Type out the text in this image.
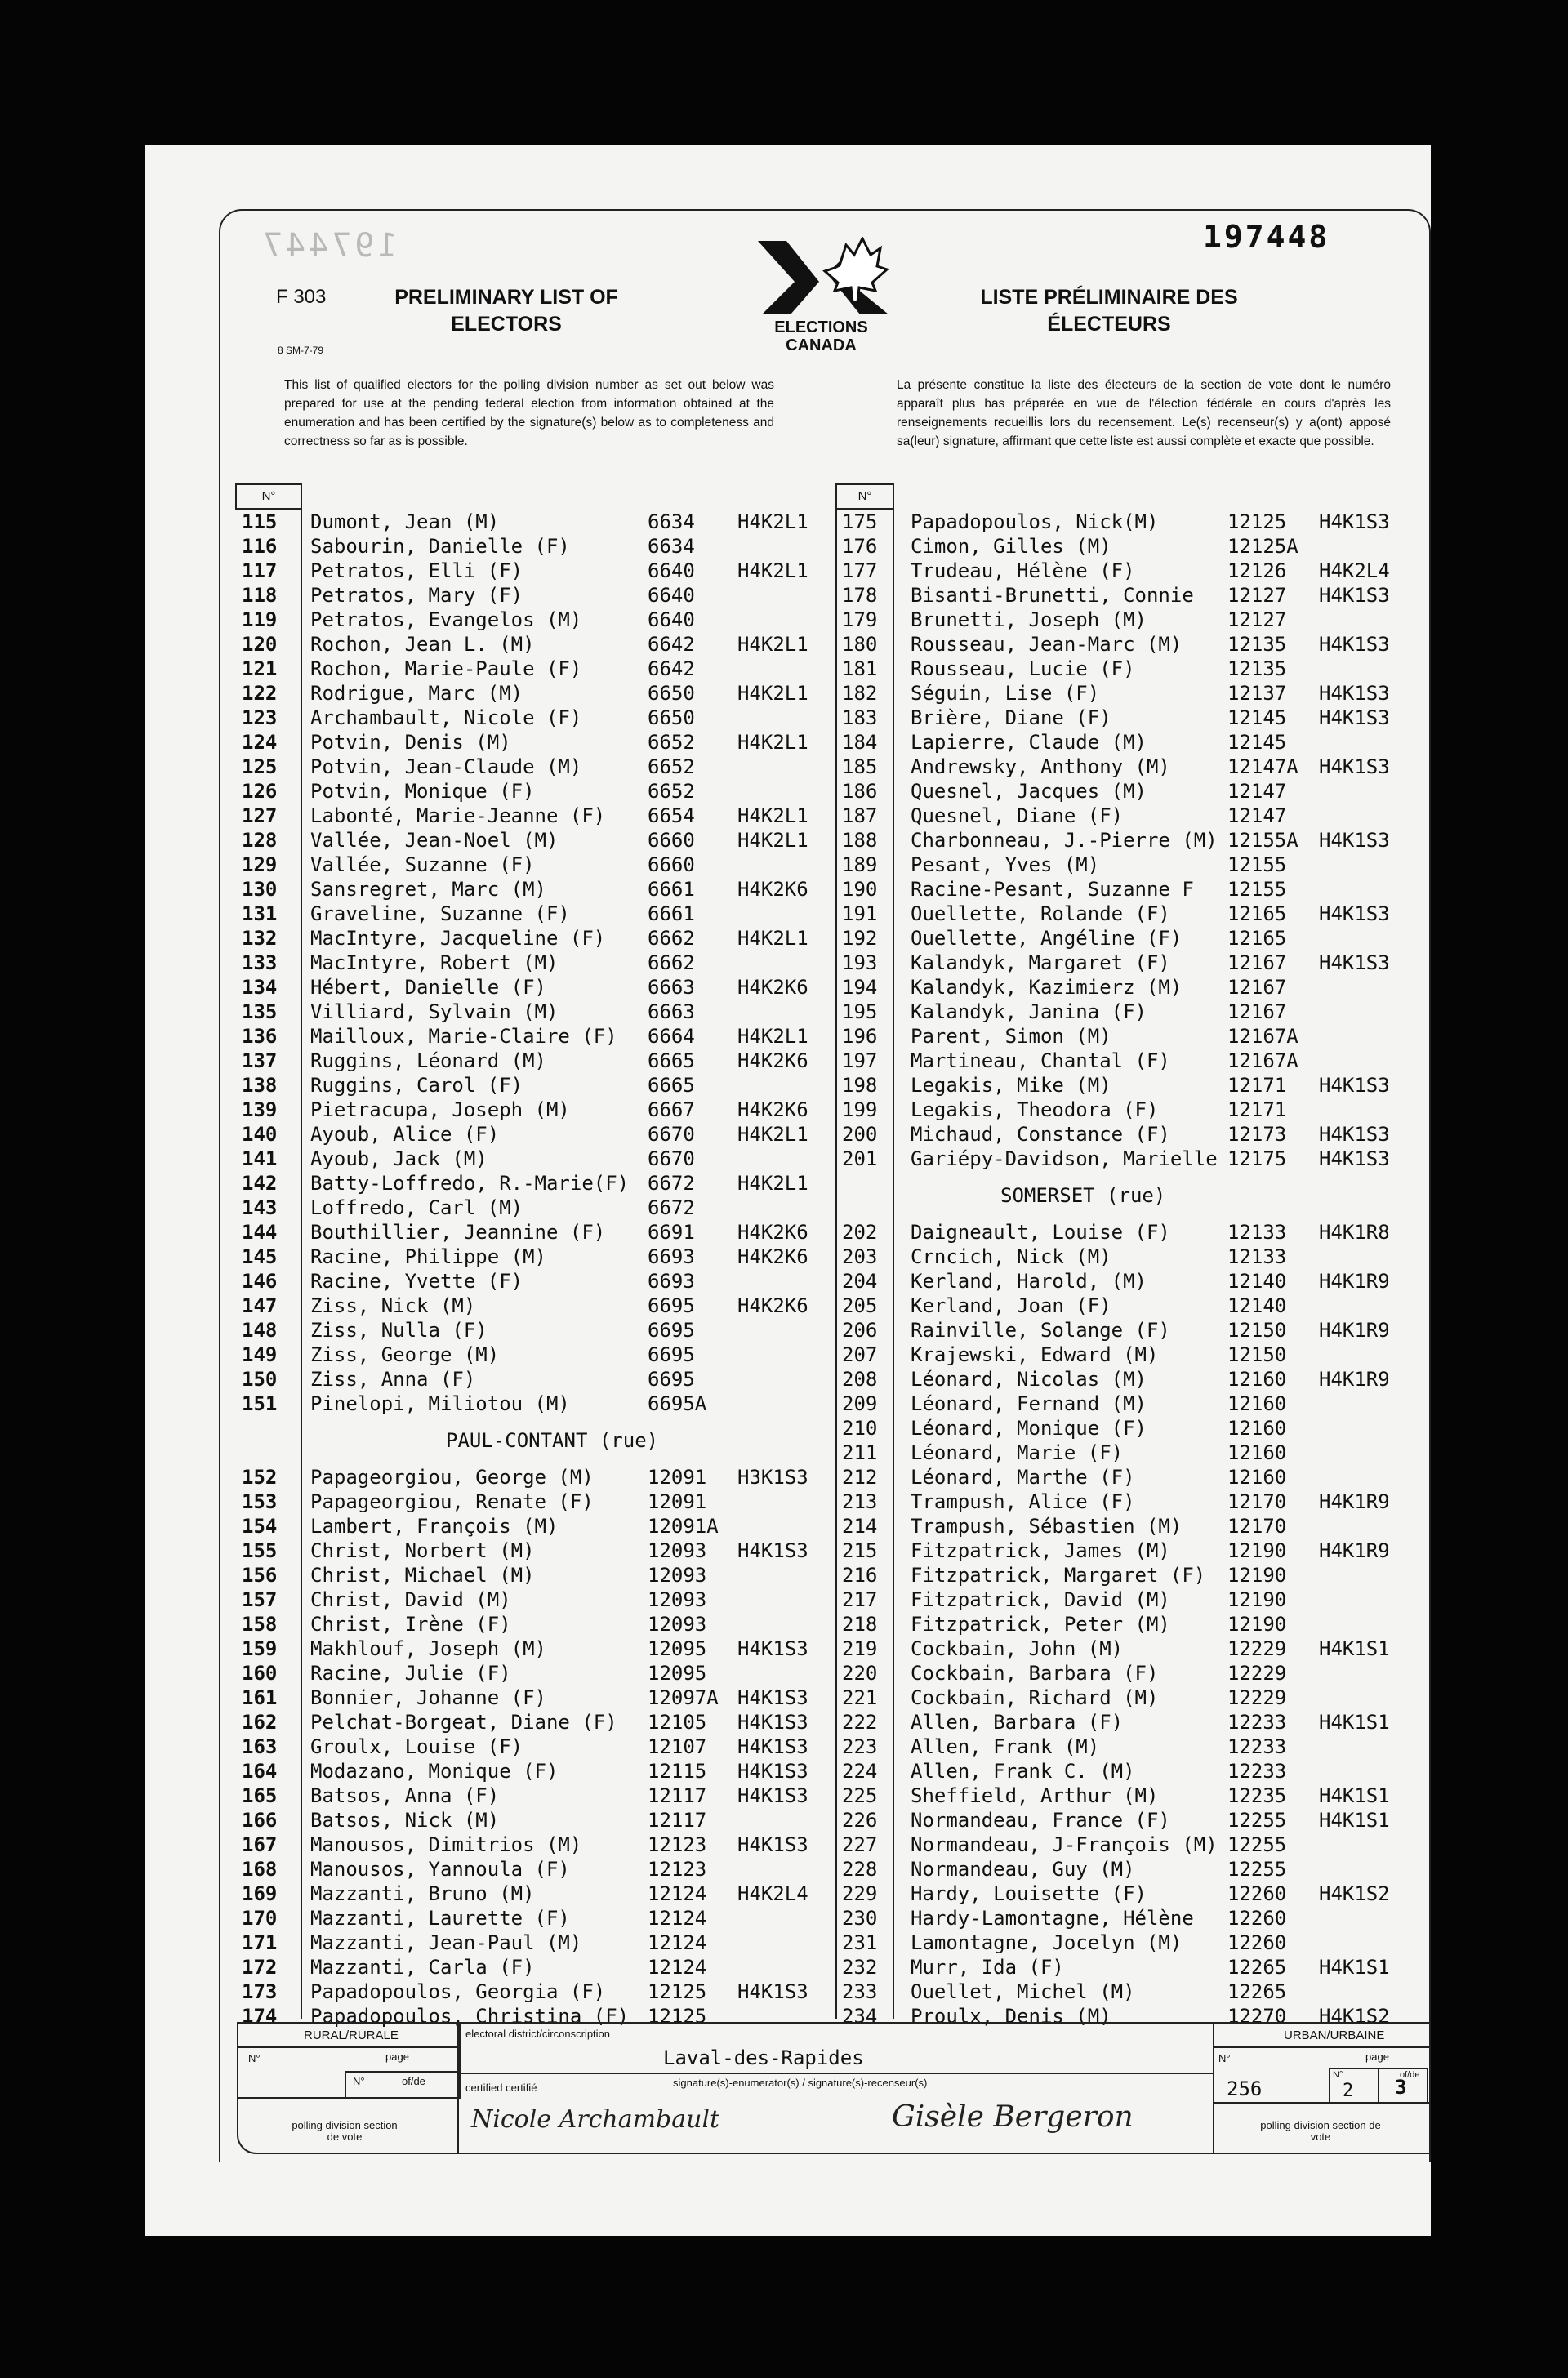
197447	197448
F 303
8 SM-7-79
PRELIMINARY LIST OF ELECTORS
LISTE PRÉLIMINAIRE DES ÉLECTEURS
ELECTIONS CANADA
This list of qualified electors for the polling division number as set out below was prepared for use at the pending federal election from information obtained at the enumeration and has been certified by the signature(s) below as to completeness and correctness so far as is possible.
La présente constitue la liste des électeurs de la section de vote dont le numéro apparaît plus bas préparée en vue de l'élection fédérale en cours d'après les renseignements recueillis lors du recensement. Le(s) recenseur(s) y a(ont) apposé sa(leur) signature, affirmant que cette liste est aussi complète et exacte que possible.
N°
115	Dumont, Jean (M)	6634 H4K2L1
116	Sabourin, Danielle (F)	6634
117	Petratos, Elli (F)	6640 H4K2L1
118	Petratos, Mary (F)	6640
119	Petratos, Evangelos (M)	6640
120	Rochon, Jean L. (M)	6642 H4K2L1
121	Rochon, Marie-Paule (F)	6642
122	Rodrigue, Marc (M)	6650 H4K2L1
123	Archambault, Nicole (F)	6650
124	Potvin, Denis (M)	6652 H4K2L1
125	Potvin, Jean-Claude (M)	6652
126	Potvin, Monique (F)	6652
127	Labonté, Marie-Jeanne (F) 6654 H4K2L1
128	Vallée, Jean-Noel (M)	6660 H4K2L1
129	Vallée, Suzanne (F)	6660
130	Sansregret, Marc (M)	6661 H4K2K6
131	Graveline, Suzanne (F)	6661
132	MacIntyre, Jacqueline (F) 6662 H4K2L1
133	MacIntyre, Robert (M)	6662
134	Hébert, Danielle (F)	6663 H4K2K6
135	Villiard, Sylvain (M)	6663
136	Mailloux, Marie-Claire (F) 6664 H4K2L1
137	Ruggins, Léonard (M)	6665 H4K2K6
138	Ruggins, Carol (F)	6665
139	Pietracupa, Joseph (M)	6667 H4K2K6
140	Ayoub, Alice (F)	6670 H4K2L1
141	Ayoub, Jack (M)	6670
142	Batty-Loffredo, R.-Marie(F) 6672 H4K2L1
143	Loffredo, Carl (M)	6672
144	Bouthillier, Jeannine (F) 6691 H4K2K6
145	Racine, Philippe (M)	6693 H4K2K6
146	Racine, Yvette (F)	6693
147	Ziss, Nick (M)	6695 H4K2K6
148	Ziss, Nulla (F)	6695
149	Ziss, George (M)	6695
150	Ziss, Anna (F)	6695
151	Pinelopi, Miliotou (M)	6695A
PAUL-CONTANT (rue)
152	Papageorgiou, George (M)	12091 H3K1S3
153	Papageorgiou, Renate (F)	12091
154	Lambert, François (M)	12091A
155	Christ, Norbert (M)	12093 H4K1S3
156	Christ, Michael (M)	12093
157	Christ, David (M)	12093
158	Christ, Irène (F)	12093
159	Makhlouf, Joseph (M)	12095 H4K1S3
160	Racine, Julie (F)	12095
161	Bonnier, Johanne (F)	12097A H4K1S3
162	Pelchat-Borgeat, Diane (F) 12105 H4K1S3
163	Groulx, Louise (F)	12107 H4K1S3
164	Modazano, Monique (F)	12115 H4K1S3
165	Batsos, Anna (F)	12117 H4K1S3
166	Batsos, Nick (M)	12117
167	Manousos, Dimitrios (M)	12123 H4K1S3
168	Manousos, Yannoula (F)	12123
169	Mazzanti, Bruno (M)	12124 H4K2L4
170	Mazzanti, Laurette (F)	12124
171	Mazzanti, Jean-Paul (M)	12124
172	Mazzanti, Carla (F)	12124
173	Papadopoulos, Georgia (F) 12125 H4K1S3
174	Papadopoulos, Christina (F) 12125
N°
175	Papadopoulos, Nick(M)	12125 H4K1S3
176	Cimon, Gilles (M)	12125A
177	Trudeau, Hélène (F)	12126 H4K2L4
178	Bisanti-Brunetti, Connie 12127 H4K1S3
179	Brunetti, Joseph (M)	12127
180	Rousseau, Jean-Marc (M) 12135 H4K1S3
181	Rousseau, Lucie (F)	12135
182	Séguin, Lise (F)	12137 H4K1S3
183	Brière, Diane (F)	12145 H4K1S3
184	Lapierre, Claude (M)	12145
185	Andrewsky, Anthony (M)	12147A H4K1S3
186	Quesnel, Jacques (M)	12147
187	Quesnel, Diane (F)	12147
188	Charbonneau, J.-Pierre (M) 12155A H4K1S3
189	Pesant, Yves (M)	12155
190	Racine-Pesant, Suzanne F 12155
191	Ouellette, Rolande (F)	12165 H4K1S3
192	Ouellette, Angéline (F) 12165
193	Kalandyk, Margaret (F)	12167 H4K1S3
194	Kalandyk, Kazimierz (M) 12167
195	Kalandyk, Janina (F)	12167
196	Parent, Simon (M)	12167A
197	Martineau, Chantal (F)	12167A
198	Legakis, Mike (M)	12171 H4K1S3
199	Legakis, Theodora (F)	12171
200	Michaud, Constance (F)	12173 H4K1S3
201	Gariépy-Davidson, Marielle 12175 H4K1S3
SOMERSET (rue)
202	Daigneault, Louise (F)	12133 H4K1R8
203	Crncich, Nick (M)	12133
204	Kerland, Harold, (M)	12140 H4K1R9
205	Kerland, Joan (F)	12140
206	Rainville, Solange (F)	12150 H4K1R9
207	Krajewski, Edward (M)	12150
208	Léonard, Nicolas (M)	12160 H4K1R9
209	Léonard, Fernand (M)	12160
210	Léonard, Monique (F)	12160
211	Léonard, Marie (F)	12160
212	Léonard, Marthe (F)	12160
213	Trampush, Alice (F)	12170 H4K1R9
214	Trampush, Sébastien (M) 12170
215	Fitzpatrick, James (M)	12190 H4K1R9
216	Fitzpatrick, Margaret (F) 12190
217	Fitzpatrick, David (M)	12190
218	Fitzpatrick, Peter (M)	12190
219	Cockbain, John (M)	12229 H4K1S1
220	Cockbain, Barbara (F)	12229
221	Cockbain, Richard (M)	12229
222	Allen, Barbara (F)	12233 H4K1S1
223	Allen, Frank (M)	12233
224	Allen, Frank C. (M)	12233
225	Sheffield, Arthur (M)	12235 H4K1S1
226	Normandeau, France (F)	12255 H4K1S1
227	Normandeau, J-François (M) 12255
228	Normandeau, Guy (M)	12255
229	Hardy, Louisette (F)	12260 H4K1S2
230	Hardy-Lamontagne, Hélène 12260
231	Lamontagne, Jocelyn (M) 12260
232	Murr, Ida (F)	12265 H4K1S1
233	Ouellet, Michel (M)	12265
234	Proulx, Denis (M)	12270 H4K1S2
RURAL/RURALE
N°	page
N°	of/de
polling division section de vote
electoral district/circonscription
Laval-des-Rapides
certified certifié	signature(s)-enumerator(s) / signature(s)-recenseur(s)
Nicole Archambault	Gisèle Bergeron
URBAN/URBAINE
N°	page
N°	of/de
256	2 3
polling division section de vote
